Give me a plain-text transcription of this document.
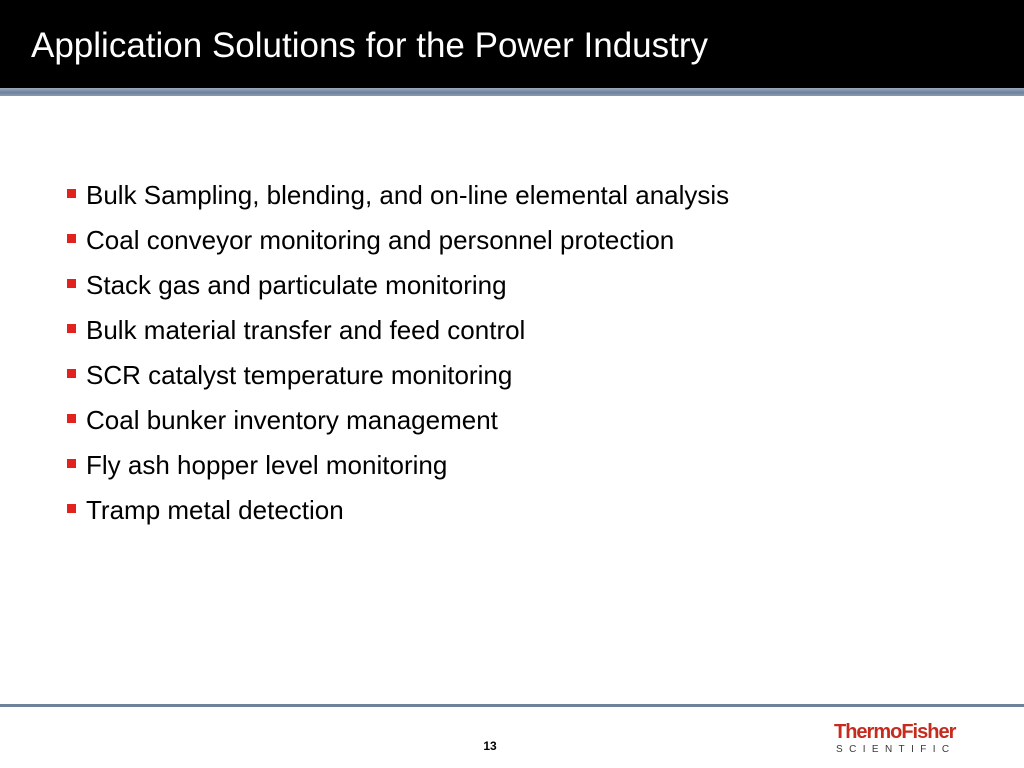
Application Solutions for the Power Industry
Bulk Sampling, blending, and on-line elemental analysis
Coal conveyor monitoring and personnel protection
Stack gas and particulate monitoring
Bulk material transfer and feed control
SCR catalyst temperature monitoring
Coal bunker inventory management
Fly ash hopper level monitoring
Tramp metal detection
13
ThermoFisher
SCIENTIFIC
